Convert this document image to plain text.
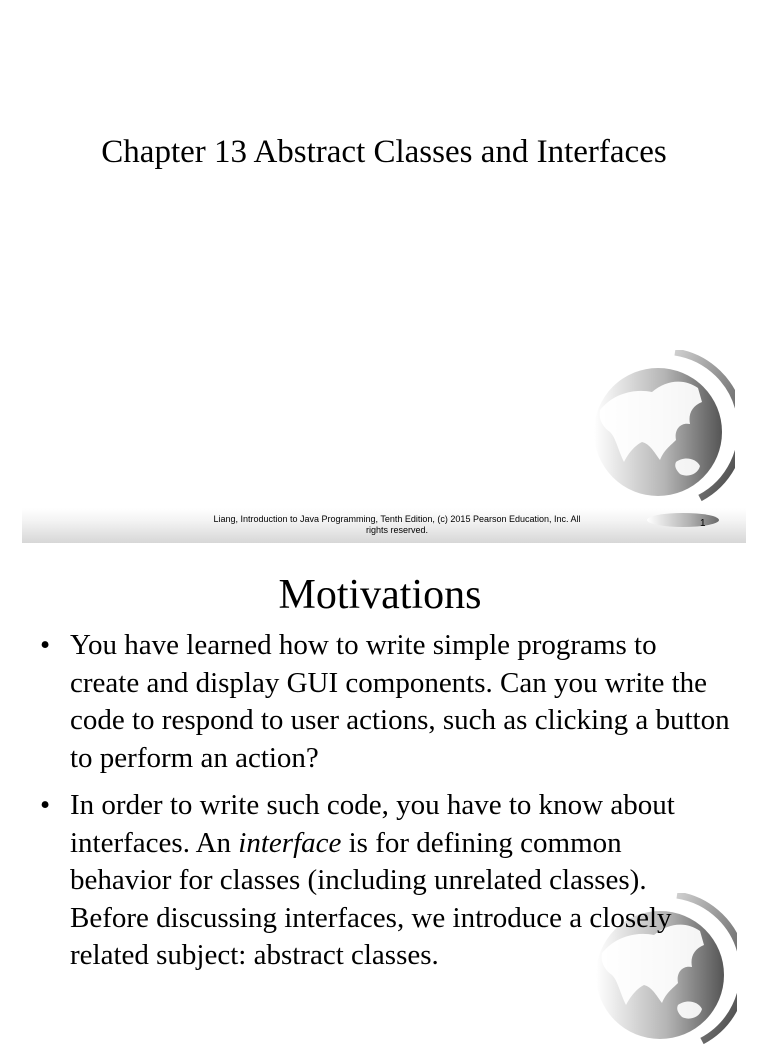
Chapter 13 Abstract Classes and Interfaces
Liang, Introduction to Java Programming, Tenth Edition, (c) 2015 Pearson Education, Inc. All
rights reserved.
1
Motivations
• You have learned how to write simple programs to create and display GUI components. Can you write the code to respond to user actions, such as clicking a button to perform an action?
• In order to write such code, you have to know about interfaces. An interface is for defining common behavior for classes (including unrelated classes). Before discussing interfaces, we introduce a closely related subject: abstract classes.
